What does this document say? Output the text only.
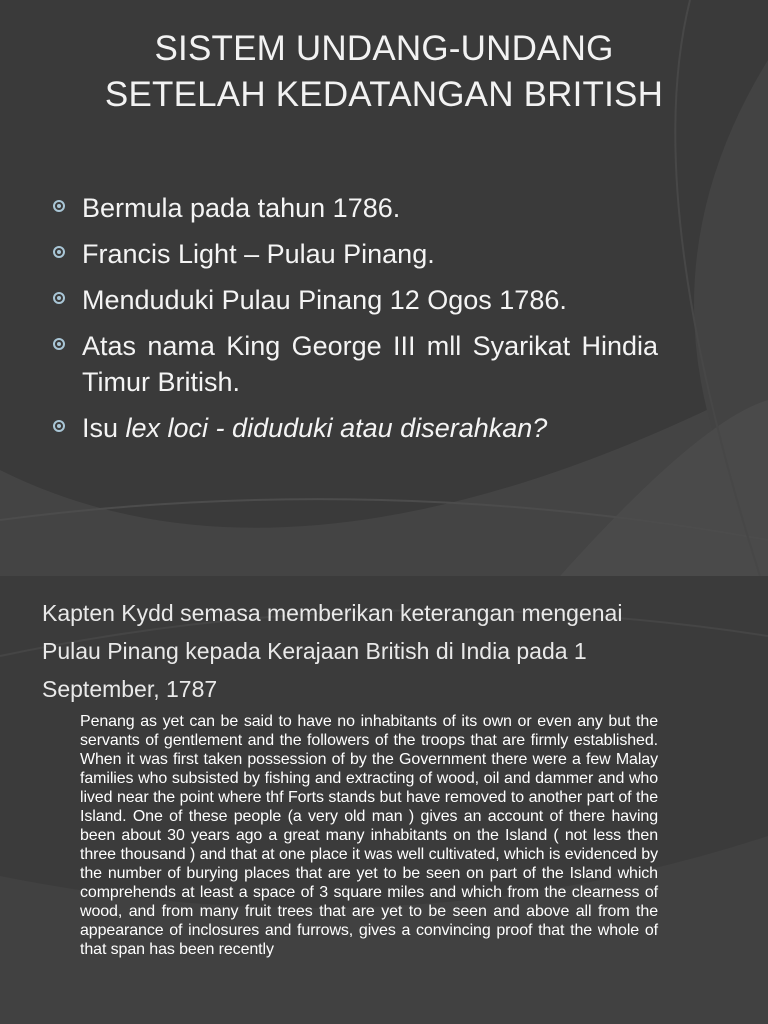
SISTEM UNDANG-UNDANG
SETELAH KEDATANGAN BRITISH
Bermula pada tahun 1786.
Francis Light – Pulau Pinang.
Menduduki Pulau Pinang 12 Ogos 1786.
Atas nama King George III mll Syarikat Hindia Timur British.
Isu lex loci - diduduki atau diserahkan?
Kapten Kydd semasa memberikan keterangan mengenai Pulau Pinang kepada Kerajaan British di India pada 1 September, 1787
Penang as yet can be said to have no inhabitants of its own or even any but the servants of gentlement and the followers of the troops that are firmly established. When it was first taken possession of by the Government there were a few Malay families who subsisted by fishing and extracting of wood, oil and dammer and who lived near the point where thf Forts stands but have removed to another part of the Island. One of these people (a very old man ) gives an account of there having been about 30 years ago a great many inhabitants on the Island ( not less then three thousand ) and that at one place it was well cultivated, which is evidenced by the number of burying places that are yet to be seen on part of the Island which comprehends at least a space of 3 square miles and which from the clearness of wood, and from many fruit trees that are yet to be seen and above all from the appearance of inclosures and furrows, gives a convincing proof that the whole of that span has been recently
